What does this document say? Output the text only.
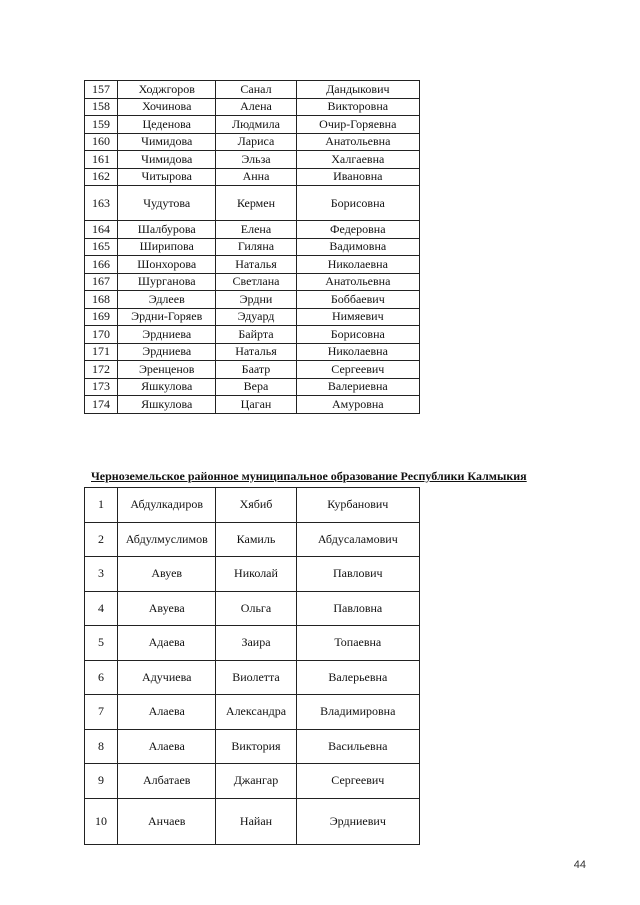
157	Ходжгоров	Санал	Дандыкович
158	Хочинова	Алена	Викторовна
159	Цеденова	Людмила	Очир-Горяевна
160	Чимидова	Лариса	Анатольевна
161	Чимидова	Эльза	Халгаевна
162	Читырова	Анна	Ивановна
163	Чудутова	Кермен	Борисовна
164	Шалбурова	Елена	Федеровна
165	Ширипова	Гиляна	Вадимовна
166	Шонхорова	Наталья	Николаевна
167	Шурганова	Светлана	Анатольевна
168	Эдлеев	Эрдни	Боббаевич
169	Эрдни-Горяев	Эдуард	Нимяевич
170	Эрдниева	Байрта	Борисовна
171	Эрдниева	Наталья	Николаевна
172	Эренценов	Баатр	Сергеевич
173	Яшкулова	Вера	Валериевна
174	Яшкулова	Цаган	Амуровна
Черноземельское районное муниципальное образование Республики Калмыкия
1	Абдулкадиров	Хябиб	Курбанович
2	Абдулмуслимов	Камиль	Абдусаламович
3	Авуев	Николай	Павлович
4	Авуева	Ольга	Павловна
5	Адаева	Заира	Топаевна
6	Адучиева	Виолетта	Валерьевна
7	Алаева	Александра	Владимировна
8	Алаева	Виктория	Васильевна
9	Албатаев	Джангар	Сергеевич
10	Анчаев	Найан	Эрдниевич
44
